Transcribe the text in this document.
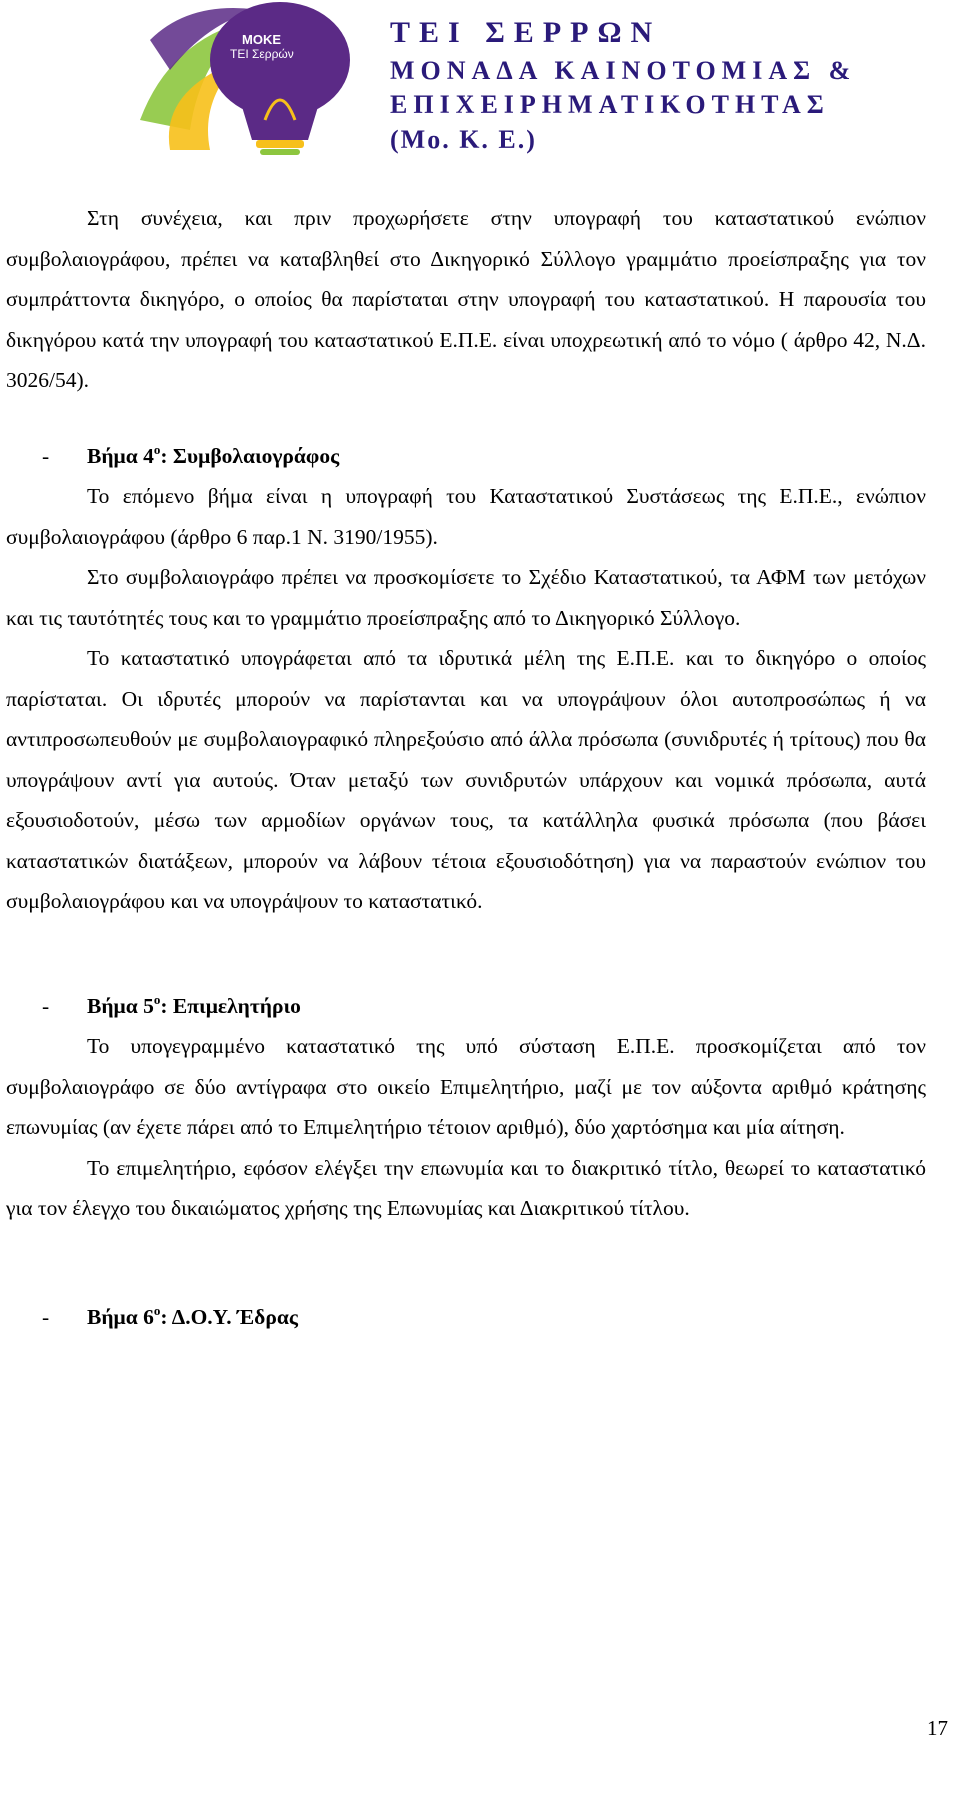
ΜΟΚΕ
ΤΕΙ Σερρών
ΤΕΙ ΣΕΡΡΩΝ
ΜΟΝΑΔΑ ΚΑΙΝΟΤΟΜΙΑΣ &
ΕΠΙΧΕΙΡΗΜΑΤΙΚΟΤΗΤΑΣ
(Μο. Κ. Ε.)

Στη συνέχεια, και πριν προχωρήσετε στην υπογραφή του καταστατικού ενώπιον συμβολαιογράφου, πρέπει να καταβληθεί στο Δικηγορικό Σύλλογο γραμμάτιο προείσπραξης για τον συμπράττοντα δικηγόρο, ο οποίος θα παρίσταται στην υπογραφή του καταστατικού. Η παρουσία του δικηγόρου κατά την υπογραφή του καταστατικού Ε.Π.Ε. είναι υποχρεωτική από το νόμο ( άρθρο 42, Ν.Δ. 3026/54).

- Βήμα $4^o$: Συμβολαιογράφος

Το επόμενο βήμα είναι η υπογραφή του Καταστατικού Συστάσεως της Ε.Π.Ε., ενώπιον συμβολαιογράφου (άρθρο 6 παρ.1 Ν. 3190/1955).

Στο συμβολαιογράφο πρέπει να προσκομίσετε το Σχέδιο Καταστατικού, τα ΑΦΜ των μετόχων και τις ταυτότητές τους και το γραμμάτιο προείσπραξης από το Δικηγορικό Σύλλογο.

Το καταστατικό υπογράφεται από τα ιδρυτικά μέλη της Ε.Π.Ε. και το δικηγόρο ο οποίος παρίσταται. Οι ιδρυτές μπορούν να παρίστανται και να υπογράψουν όλοι αυτοπροσώπως ή να αντιπροσωπευθούν με συμβολαιογραφικό πληρεξούσιο από άλλα πρόσωπα (συνιδρυτές ή τρίτους) που θα υπογράψουν αντί για αυτούς. Όταν μεταξύ των συνιδρυτών υπάρχουν και νομικά πρόσωπα, αυτά εξουσιοδοτούν, μέσω των αρμοδίων οργάνων τους, τα κατάλληλα φυσικά πρόσωπα (που βάσει καταστατικών διατάξεων, μπορούν να λάβουν τέτοια εξουσιοδότηση) για να παραστούν ενώπιον του συμβολαιογράφου και να υπογράψουν το καταστατικό.

- Βήμα $5^o$: Επιμελητήριο

Το υπογεγραμμένο καταστατικό της υπό σύσταση Ε.Π.Ε. προσκομίζεται από τον συμβολαιογράφο σε δύο αντίγραφα στο οικείο Επιμελητήριο, μαζί με τον αύξοντα αριθμό κράτησης επωνυμίας (αν έχετε πάρει από το Επιμελητήριο τέτοιον αριθμό), δύο χαρτόσημα και μία αίτηση.

Το επιμελητήριο, εφόσον ελέγξει την επωνυμία και το διακριτικό τίτλο, θεωρεί το καταστατικό για τον έλεγχο του δικαιώματος χρήσης της Επωνυμίας και Διακριτικού τίτλου.

- Βήμα $6^o$: Δ.Ο.Υ. Έδρας

17
